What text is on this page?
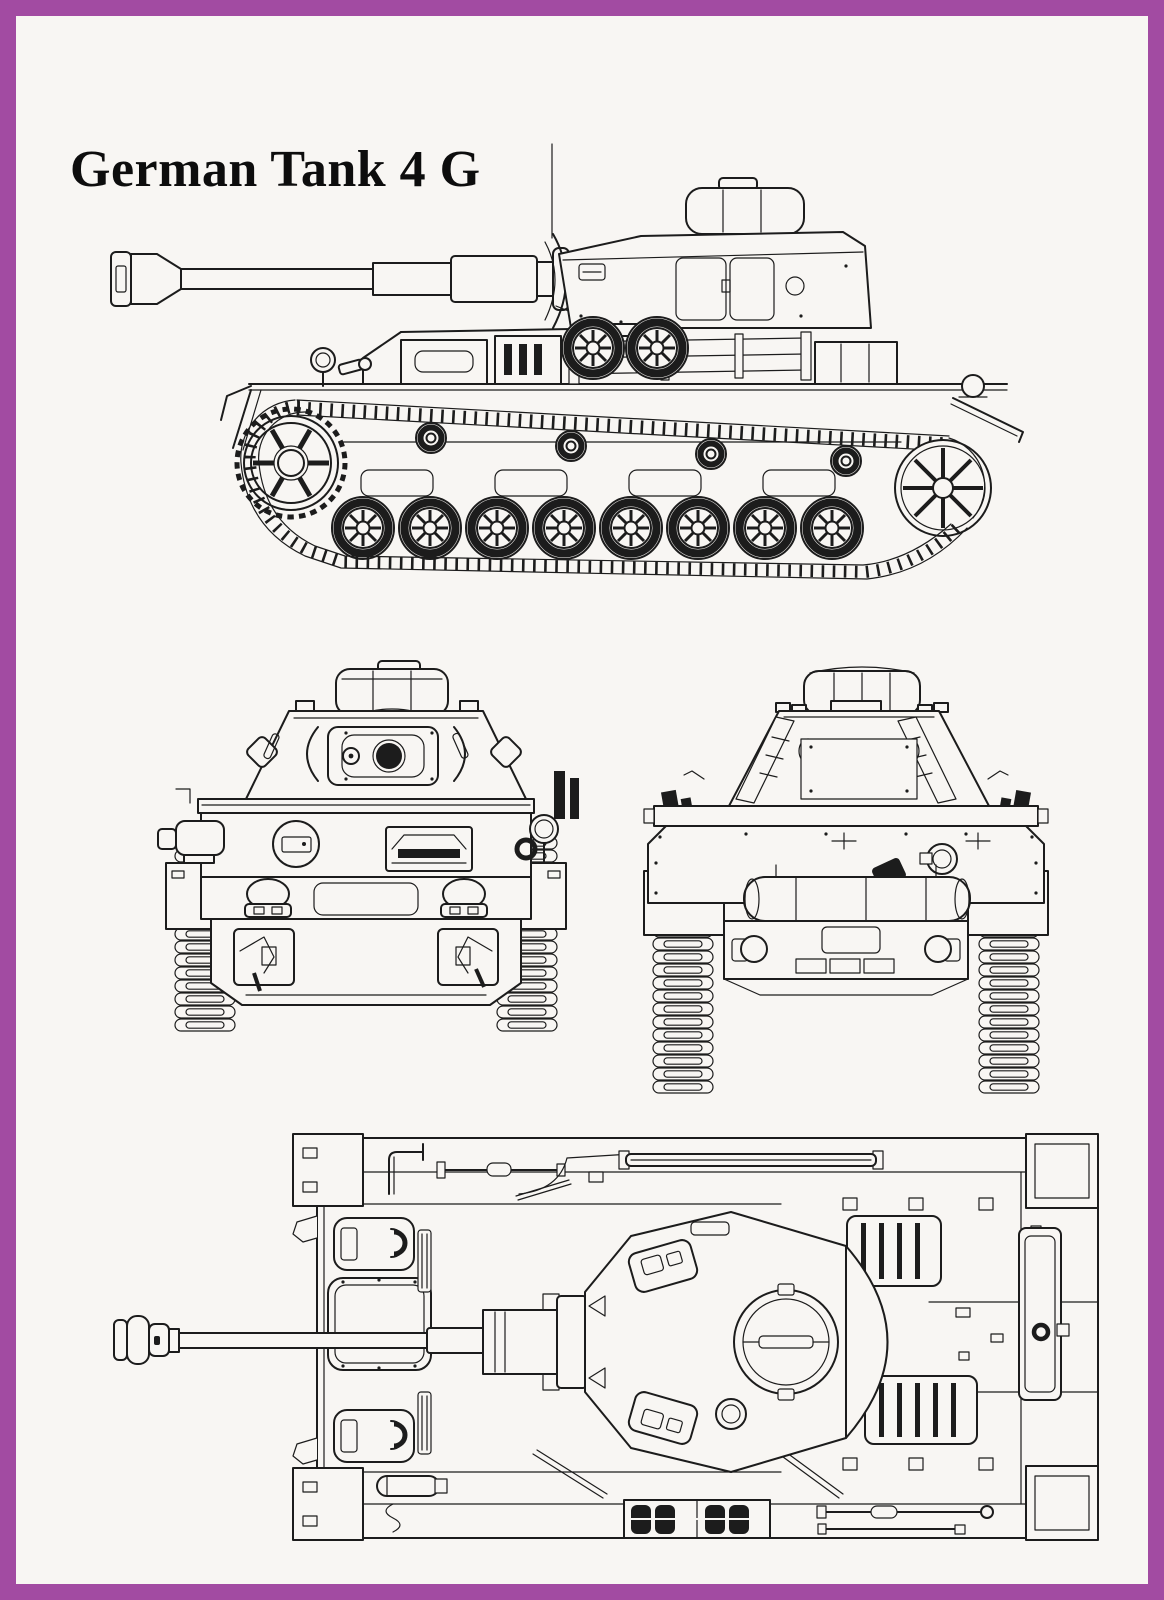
German Tank 4 G
